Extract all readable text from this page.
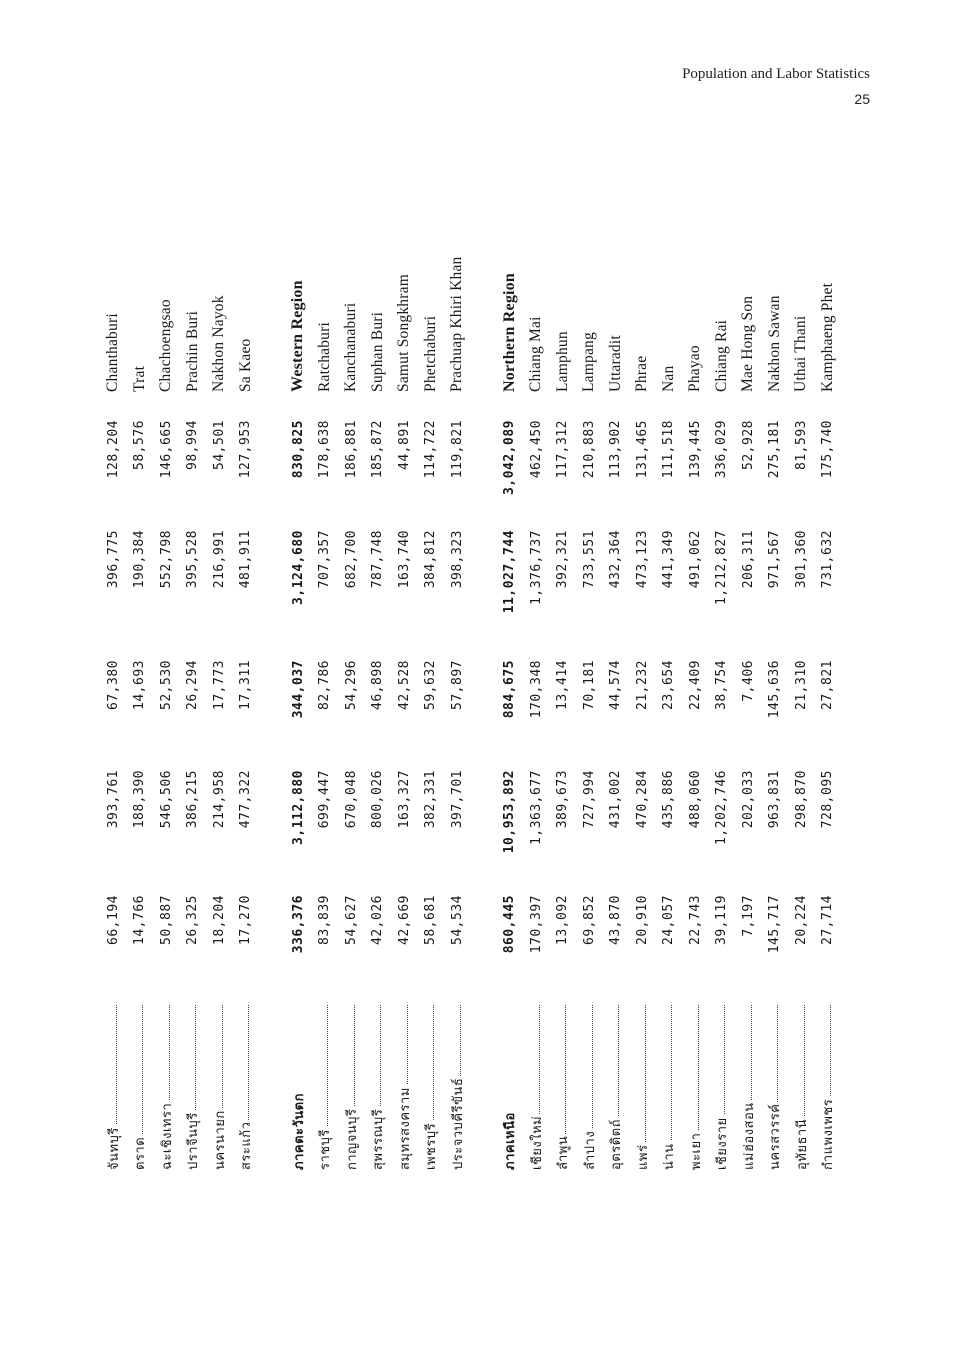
Population and Labor Statistics
25
จันทบุรี
66,194
393,761
67,380
396,775
128,204
Chanthaburi
ตราด
14,766
188,390
14,693
190,384
58,576
Trat
ฉะเชิงเทรา
50,887
546,506
52,530
552,798
146,665
Chachoengsao
ปราจีนบุรี
26,325
386,215
26,294
395,528
98,994
Prachin Buri
นครนายก
18,204
214,958
17,773
216,991
54,501
Nakhon Nayok
สระแก้ว
17,270
477,322
17,311
481,911
127,953
Sa Kaeo
ภาคตะวันตก
336,376
3,112,880
344,037
3,124,680
830,825
Western Region
ราชบุรี
83,839
699,447
82,786
707,357
178,638
Ratchaburi
กาญจนบุรี
54,627
670,048
54,296
682,700
186,881
Kanchanaburi
สุพรรณบุรี
42,026
800,026
46,898
787,748
185,872
Suphan Buri
สมุทรสงคราม
42,669
163,327
42,528
163,740
44,891
Samut Songkhram
เพชรบุรี
58,681
382,331
59,632
384,812
114,722
Phetchaburi
ประจวบคีรีขันธ์
54,534
397,701
57,897
398,323
119,821
Prachuap Khiri Khan
ภาคเหนือ
860,445
10,953,892
884,675
11,027,744
3,042,089
Northern Region
เชียงใหม่
170,397
1,363,677
170,348
1,376,737
462,450
Chiang Mai
ลำพูน
13,092
389,673
13,414
392,321
117,312
Lamphun
ลำปาง
69,852
727,994
70,181
733,551
210,883
Lampang
อุตรดิตถ์
43,870
431,002
44,574
432,364
113,902
Uttaradit
แพร่
20,910
470,284
21,232
473,123
131,465
Phrae
น่าน
24,057
435,886
23,654
441,349
111,518
Nan
พะเยา
22,743
488,060
22,409
491,062
139,445
Phayao
เชียงราย
39,119
1,202,746
38,754
1,212,827
336,029
Chiang Rai
แม่ฮ่องสอน
7,197
202,033
7,406
206,311
52,928
Mae Hong Son
นครสวรรค์
145,717
963,831
145,636
971,567
275,181
Nakhon Sawan
อุทัยธานี
20,224
298,870
21,310
301,360
81,593
Uthai Thani
กำแพงเพชร
27,714
728,095
27,821
731,632
175,740
Kamphaeng Phet
